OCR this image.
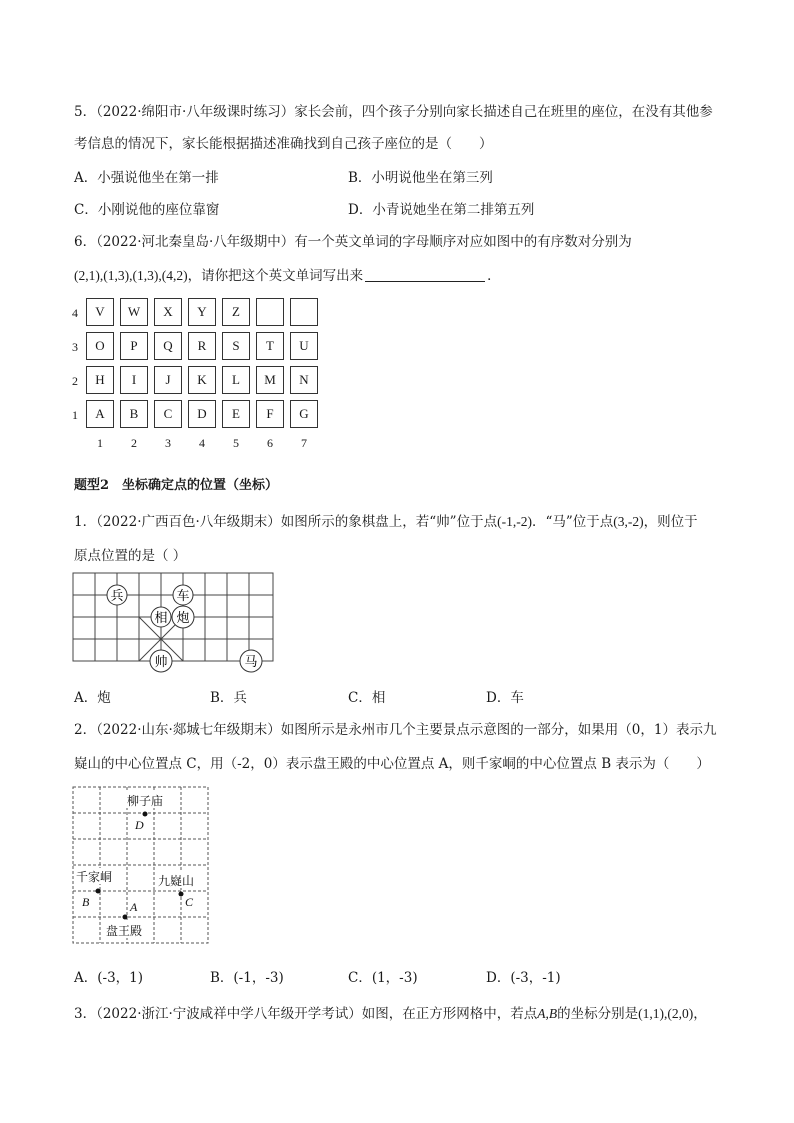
5．（2022·绵阳市·八年级课时练习）家长会前，四个孩子分别向家长描述自己在班里的座位，在没有其他参
考信息的情况下，家长能根据描述准确找到自己孩子座位的是（　　）
A．小强说他坐在第一排	B．小明说他坐在第三列
C．小刚说他的座位靠窗	D．小青说她坐在第二排第五列
6．（2022·河北秦皇岛·八年级期中）有一个英文单词的字母顺序对应如图中的有序数对分别为
(2,1),(1,3),(1,3),(4,2)，请你把这个英文单词写出来	．
4	V	W	X	Y	Z
3	O	P	Q	R	S	T	U
2	H	I	J	K	L	M	N
1	A	B	C	D	E	F	G
1 2 3 4 5 6 7
题型2　坐标确定点的位置（坐标）
1．（2022·广西百色·八年级期末）如图所示的象棋盘上，若“帅”位于点(-1,-2)．“马”位于点(3,-2)，则位于
原点位置的是（ ）
兵	车
相 炮
帅	马
A．炮	B．兵	C．相	D．车
2．（2022·山东·郯城七年级期末）如图所示是永州市几个主要景点示意图的一部分，如果用（0，1）表示九
嶷山的中心位置点 C，用（-2，0）表示盘王殿的中心位置点 A，则千家峒的中心位置点 B 表示为（　　）
柳子庙
D
千家峒
B
九嶷山
C
A
盘王殿
A．(-3，1)	B．(-1，-3)	C．(1，-3)	D．(-3，-1)
3．（2022·浙江·宁波咸祥中学八年级开学考试）如图，在正方形网格中，若点A,B的坐标分别是(1,1),(2,0)，
